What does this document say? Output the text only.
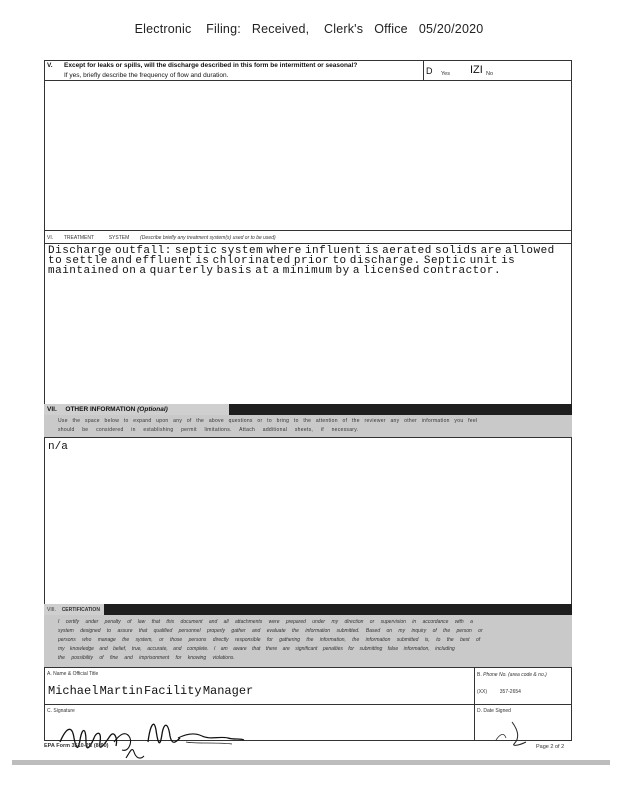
Electronic    Filing:   Received,    Clerk's   Office   05/20/2020
V. Except for leaks or spills, will the discharge described in this form be intermittent or seasonal?
If yes, briefly describe the frequency of flow and duration.	D Yes IZI No
VI. TREATMENT	SYSTEM (Describe briefly any treatment system(s) used or to be used)
Discharge outfall: septic system where influent is aerated solids are allowed to settle and effluent is chlorinated prior to discharge. Septic unit is maintained on a quarterly basis at a minimum by a licensed contractor.
VII. OTHER INFORMATION (Optional)
Use the space below to expand upon any of the above questions or to bring to the attention of the reviewer any other information you feel
should be considered in establishing permit limitations. Attach additional sheets, if necessary.
n/a
VIII. CERTIFICATION
I certify under penalty of law that this document and all attachments were prepared under my direction or supervision in accordance with a
system designed to assure that qualified personnel properly gather and evaluate the information submitted. Based on my inquiry of the person or
persons who manage the system, or those persons directly responsible for gathering the information, the information submitted is, to the best of
my knowledge and belief, true, accurate, and complete. I am aware that there are significant penalties for submitting false information, including
the possibility of fine and imprisonment for knowing violations.
A. Name & Official Title
Michael Martin Facility Manager
B. Phone No. (area code & no.)
(XX)	357-2654
C. Signature	D. Date Signed
EPA Form 3510-2E (8-90)	Page 2 of 2
